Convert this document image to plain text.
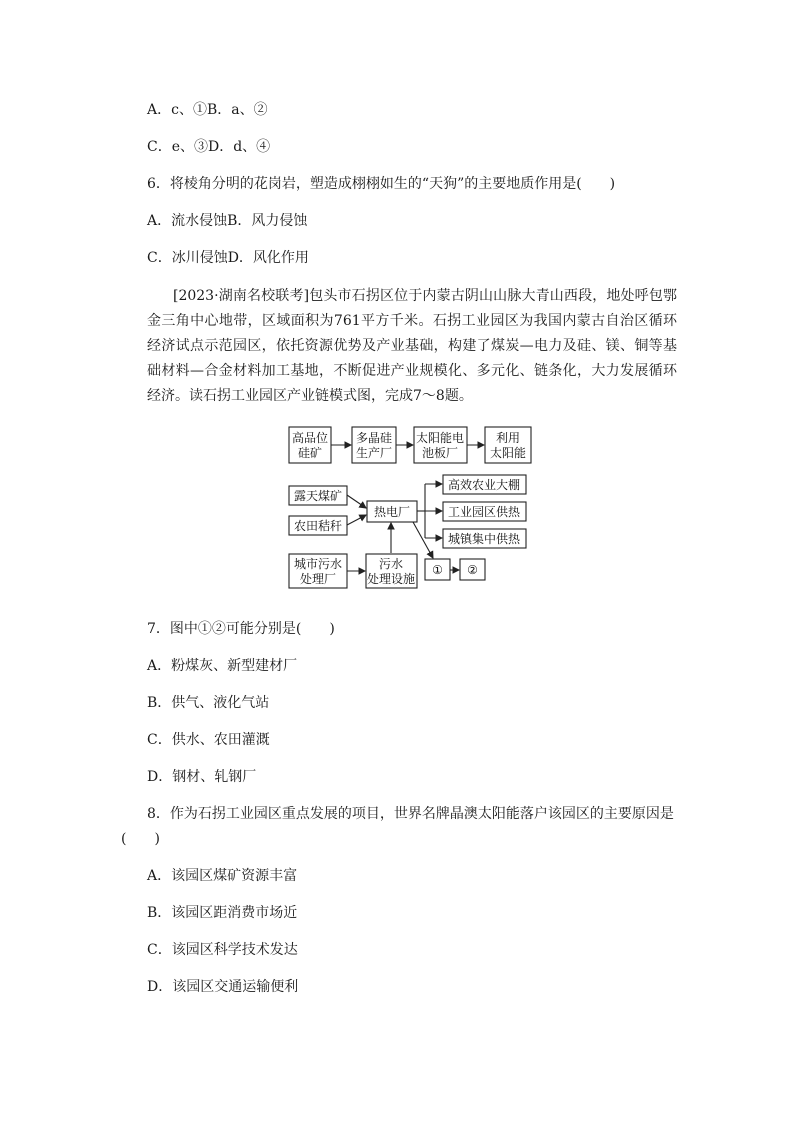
A．c、①B．a、②
C．e、③D．d、④
6．将棱角分明的花岗岩，塑造成栩栩如生的“天狗”的主要地质作用是(　　)
A．流水侵蚀B．风力侵蚀
C．冰川侵蚀D．风化作用
[2023·湖南名校联考]包头市石拐区位于内蒙古阴山山脉大青山西段，地处呼包鄂金三角中心地带，区域面积为761平方千米。石拐工业园区为我国内蒙古自治区循环经济试点示范园区，依托资源优势及产业基础，构建了煤炭—电力及硅、镁、铜等基础材料—合金材料加工基地，不断促进产业规模化、多元化、链条化，大力发展循环经济。读石拐工业园区产业链模式图，完成7～8题。
高品位
硅矿
多晶硅
生产厂
太阳能电
池板厂
利用
太阳能
露天煤矿
农田秸秆
热电厂
高效农业大棚
工业园区供热
城镇集中供热
城市污水
处理厂
污水
处理设施
① ②
7．图中①②可能分别是(　　)
A．粉煤灰、新型建材厂
B．供气、液化气站
C．供水、农田灌溉
D．钢材、轧钢厂
8．作为石拐工业园区重点发展的项目，世界名牌晶澳太阳能落户该园区的主要原因是
(　　)
A．该园区煤矿资源丰富
B．该园区距消费市场近
C．该园区科学技术发达
D．该园区交通运输便利
